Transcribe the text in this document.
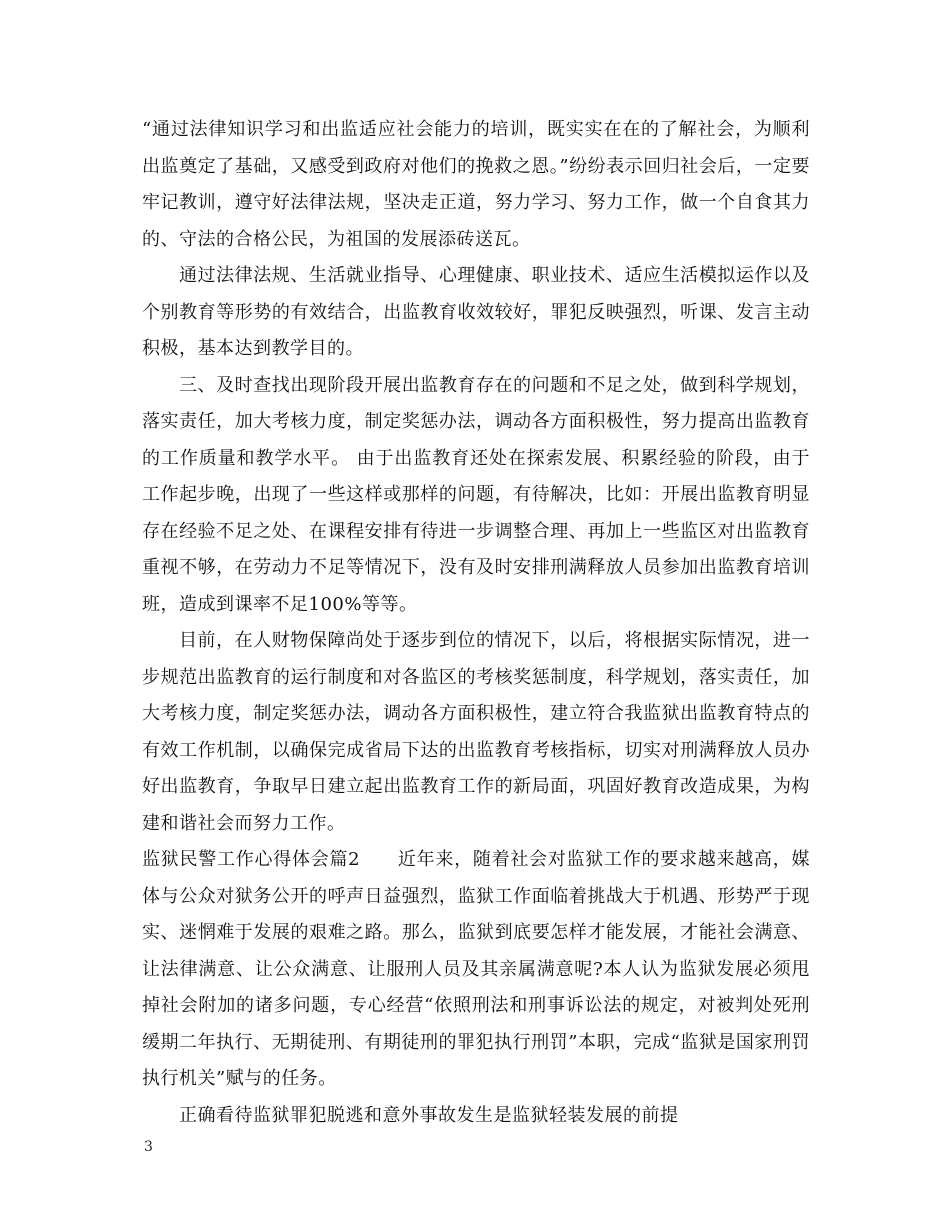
“通过法律知识学习和出监适应社会能力的培训，既实实在在的了解社会，为顺利出监奠定了基础，又感受到政府对他们的挽救之恩。”纷纷表示回归社会后，一定要牢记教训，遵守好法律法规，坚决走正道，努力学习、努力工作，做一个自食其力的、守法的合格公民，为祖国的发展添砖送瓦。

通过法律法规、生活就业指导、心理健康、职业技术、适应生活模拟运作以及个别教育等形势的有效结合，出监教育收效较好，罪犯反映强烈，听课、发言主动积极，基本达到教学目的。

三、及时查找出现阶段开展出监教育存在的问题和不足之处，做到科学规划，落实责任，加大考核力度，制定奖惩办法，调动各方面积极性，努力提高出监教育的工作质量和教学水平。 由于出监教育还处在探索发展、积累经验的阶段，由于工作起步晚，出现了一些这样或那样的问题，有待解决，比如：开展出监教育明显存在经验不足之处、在课程安排有待进一步调整合理、再加上一些监区对出监教育重视不够，在劳动力不足等情况下，没有及时安排刑满释放人员参加出监教育培训班，造成到课率不足100%等等。

目前，在人财物保障尚处于逐步到位的情况下，以后，将根据实际情况，进一步规范出监教育的运行制度和对各监区的考核奖惩制度，科学规划，落实责任，加大考核力度，制定奖惩办法，调动各方面积极性，建立符合我监狱出监教育特点的有效工作机制，以确保完成省局下达的出监教育考核指标，切实对刑满释放人员办好出监教育，争取早日建立起出监教育工作的新局面，巩固好教育改造成果，为构建和谐社会而努力工作。

监狱民警工作心得体会篇2　　近年来，随着社会对监狱工作的要求越来越高，媒体与公众对狱务公开的呼声日益强烈，监狱工作面临着挑战大于机遇、形势严于现实、迷惘难于发展的艰难之路。那么，监狱到底要怎样才能发展，才能社会满意、让法律满意、让公众满意、让服刑人员及其亲属满意呢?本人认为监狱发展必须甩掉社会附加的诸多问题，专心经营“依照刑法和刑事诉讼法的规定，对被判处死刑缓期二年执行、无期徒刑、有期徒刑的罪犯执行刑罚”本职，完成“监狱是国家刑罚执行机关”赋与的任务。

正确看待监狱罪犯脱逃和意外事故发生是监狱轻装发展的前提

3
